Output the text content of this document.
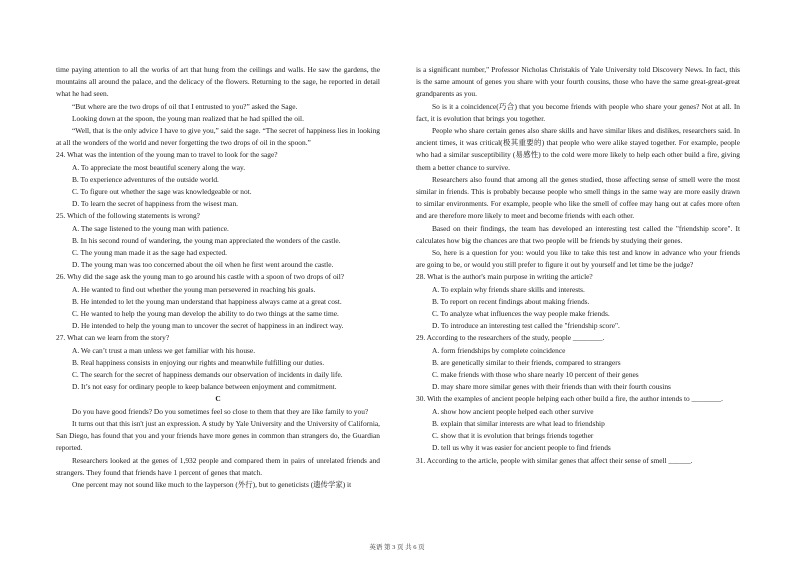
time paying attention to all the works of art that hung from the ceilings and walls. He saw the gardens, the mountains all around the palace, and the delicacy of the flowers. Returning to the sage, he reported in detail what he had seen.
“But where are the two drops of oil that I entrusted to you?” asked the Sage.
Looking down at the spoon, the young man realized that he had spilled the oil.
“Well, that is the only advice I have to give you,” said the sage. “The secret of happiness lies in looking at all the wonders of the world and never forgetting the two drops of oil in the spoon.”
24. What was the intention of the young man to travel to look for the sage?
A. To appreciate the most beautiful scenery along the way.
B. To experience adventures of the outside world.
C. To figure out whether the sage was knowledgeable or not.
D. To learn the secret of happiness from the wisest man.
25. Which of the following statements is wrong?
A. The sage listened to the young man with patience.
B. In his second round of wandering, the young man appreciated the wonders of the castle.
C. The young man made it as the sage had expected.
D. The young man was too concerned about the oil when he first went around the castle.
26. Why did the sage ask the young man to go around his castle with a spoon of two drops of oil?
A. He wanted to find out whether the young man persevered in reaching his goals.
B. He intended to let the young man understand that happiness always came at a great cost.
C. He wanted to help the young man develop the ability to do two things at the same time.
D. He intended to help the young man to uncover the secret of happiness in an indirect way.
27. What can we learn from the story?
A. We can’t trust a man unless we get familiar with his house.
B. Real happiness consists in enjoying our rights and meanwhile fulfilling our duties.
C. The search for the secret of happiness demands our observation of incidents in daily life.
D. It’s not easy for ordinary people to keep balance between enjoyment and commitment.
C
Do you have good friends? Do you sometimes feel so close to them that they are like family to you?
It turns out that this isn't just an expression. A study by Yale University and the University of California, San Diego, has found that you and your friends have more genes in common than strangers do, the Guardian reported.
Researchers looked at the genes of 1,932 people and compared them in pairs of unrelated friends and strangers. They found that friends have 1 percent of genes that match.
One percent may not sound like much to the layperson (外行), but to geneticists (遗传学家) it
is a significant number," Professor Nicholas Christakis of Yale University told Discovery News. In fact, this is the same amount of genes you share with your fourth cousins, those who have the same great-great-great grandparents as you.
So is it a coincidence(巧合) that you become friends with people who share your genes? Not at all. In fact, it is evolution that brings you together.
People who share certain genes also share skills and have similar likes and dislikes, researchers said. In ancient times, it was critical(极其重要的) that people who were alike stayed together. For example, people who had a similar susceptibility (易感性) to the cold were more likely to help each other build a fire, giving them a better chance to survive.
Researchers also found that among all the genes studied, those affecting sense of smell were the most similar in friends. This is probably because people who smell things in the same way are more easily drawn to similar environments. For example, people who like the smell of coffee may hang out at cafes more often and are therefore more likely to meet and become friends with each other.
Based on their findings, the team has developed an interesting test called the "friendship score". It calculates how big the chances are that two people will be friends by studying their genes.
So, here is a question for you: would you like to take this test and know in advance who your friends are going to be, or would you still prefer to figure it out by yourself and let time be the judge?
28. What is the author's main purpose in writing the article?
A. To explain why friends share skills and interests.
B. To report on recent findings about making friends.
C. To analyze what influences the way people make friends.
D. To introduce an interesting test called the "friendship score".
29. According to the researchers of the study, people ________.
A. form friendships by complete coincidence
B. are genetically similar to their friends, compared to strangers
C. make friends with those who share nearly 10 percent of their genes
D. may share more similar genes with their friends than with their fourth cousins
30. With the examples of ancient people helping each other build a fire, the author intends to ________.
A. show how ancient people helped each other survive
B. explain that similar interests are what lead to friendship
C. show that it is evolution that brings friends together
D. tell us why it was easier for ancient people to find friends
31. According to the article, people with similar genes that affect their sense of smell ______.
英语 第 3 页 共 6 页
